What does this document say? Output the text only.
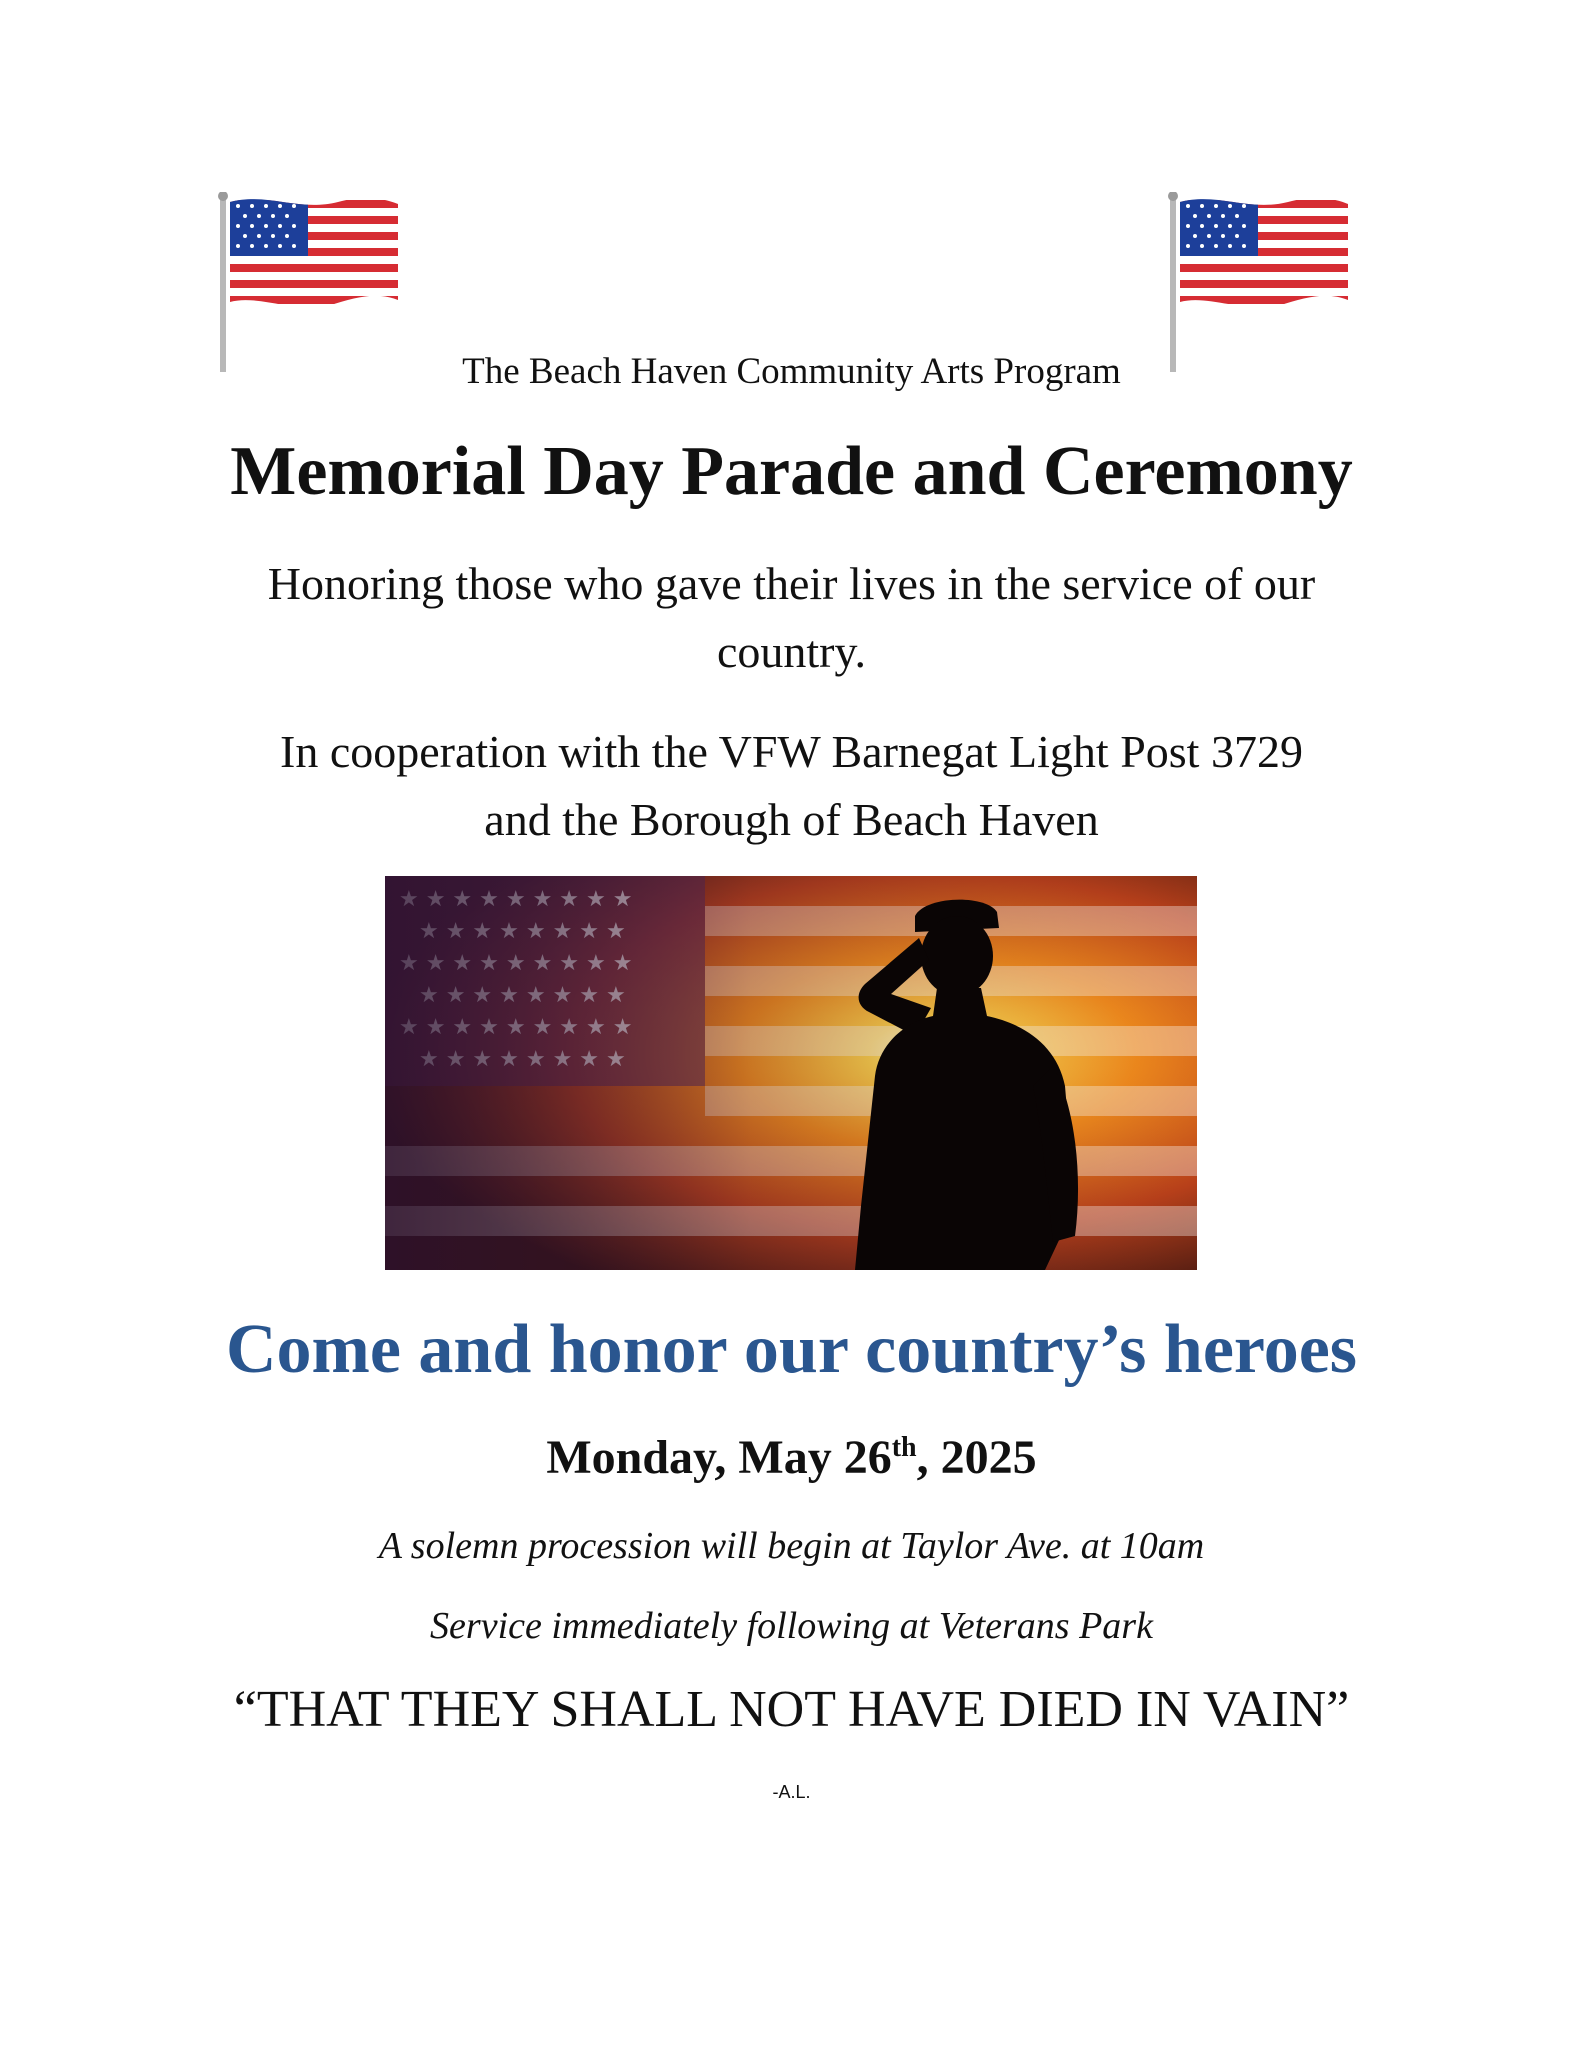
The Beach Haven Community Arts Program
Memorial Day Parade and Ceremony
Honoring those who gave their lives in the service of our country.
In cooperation with the VFW Barnegat Light Post 3729
and the Borough of Beach Haven
Come and honor our country’s heroes
Monday, May 26th, 2025
A solemn procession will begin at Taylor Ave. at 10am
Service immediately following at Veterans Park
“THAT THEY SHALL NOT HAVE DIED IN VAIN”
-A.L.
